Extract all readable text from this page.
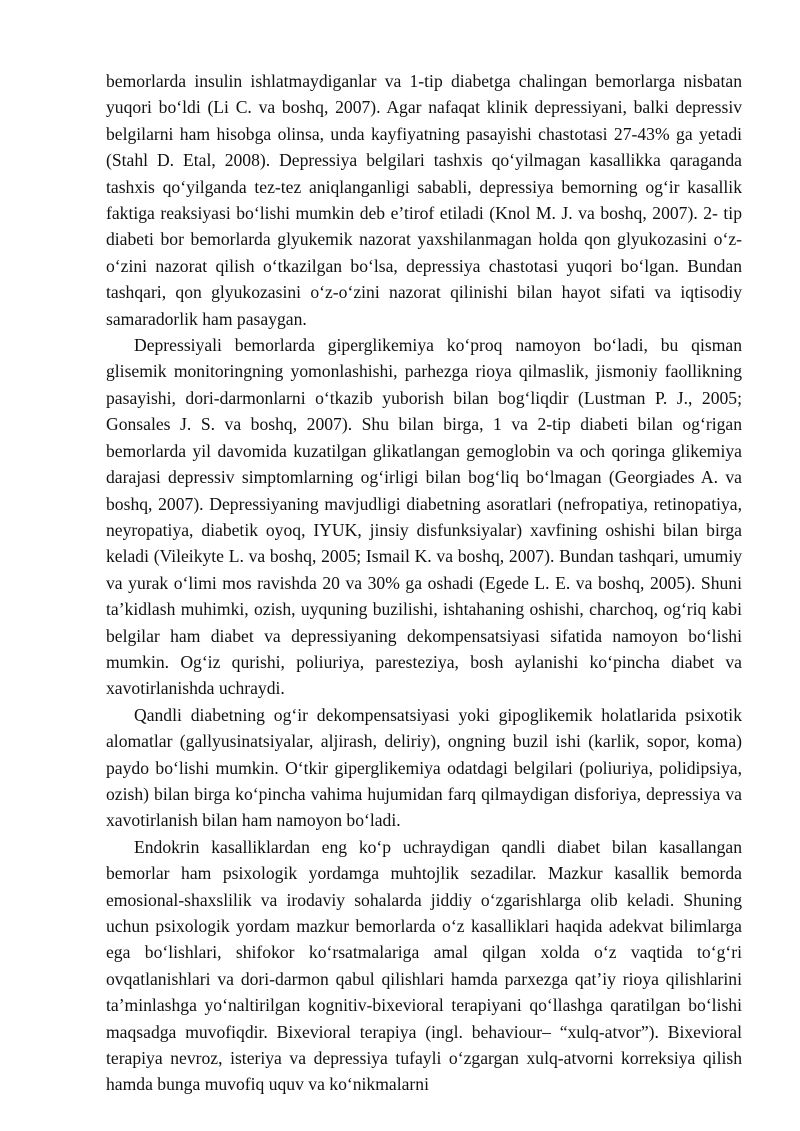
bemorlarda insulin ishlatmaydiganlar va 1-tip diabetga chalingan bemorlarga nisbatan yuqori bo‘ldi (Li C. va boshq, 2007). Agar nafaqat klinik depressiyani, balki depressiv belgilarni ham hisobga olinsa, unda kayfiyatning pasayishi chastotasi 27-43% ga yetadi (Stahl D. Etal, 2008). Depressiya belgilari tashxis qo‘yilmagan kasallikka qaraganda tashxis qo‘yilganda tez-tez aniqlanganligi sababli, depressiya bemorning og‘ir kasallik faktiga reaksiyasi bo‘lishi mumkin deb e’tirof etiladi (Knol M. J. va boshq, 2007). 2- tip diabeti bor bemorlarda glyukemik nazorat yaxshilanmagan holda qon glyukozasini o‘z-o‘zini nazorat qilish o‘tkazilgan bo‘lsa, depressiya chastotasi yuqori bo‘lgan. Bundan tashqari, qon glyukozasini o‘z-o‘zini nazorat qilinishi bilan hayot sifati va iqtisodiy samaradorlik ham pasaygan.

Depressiyali bemorlarda giperglikemiya ko‘proq namoyon bo‘ladi, bu qisman glisemik monitoringning yomonlashishi, parhezga rioya qilmaslik, jismoniy faollikning pasayishi, dori-darmonlarni o‘tkazib yuborish bilan bog‘liqdir (Lustman P. J., 2005; Gonsales J. S. va boshq, 2007). Shu bilan birga, 1 va 2-tip diabeti bilan og‘rigan bemorlarda yil davomida kuzatilgan glikatlangan gemoglobin va och qoringa glikemiya darajasi depressiv simptomlarning og‘irligi bilan bog‘liq bo‘lmagan (Georgiades A. va boshq, 2007). Depressiyaning mavjudligi diabetning asoratlari (nefropatiya, retinopatiya, neyropatiya, diabetik oyoq, IYUK, jinsiy disfunksiyalar) xavfining oshishi bilan birga keladi (Vileikyte L. va boshq, 2005; Ismail K. va boshq, 2007). Bundan tashqari, umumiy va yurak o‘limi mos ravishda 20 va 30% ga oshadi (Egede L. E. va boshq, 2005). Shuni ta’kidlash muhimki, ozish, uyquning buzilishi, ishtahaning oshishi, charchoq, og‘riq kabi belgilar ham diabet va depressiyaning dekompensatsiyasi sifatida namoyon bo‘lishi mumkin. Og‘iz qurishi, poliuriya, paresteziya, bosh aylanishi ko‘pincha diabet va xavotirlanishda uchraydi.

Qandli diabetning og‘ir dekompensatsiyasi yoki gipoglikemik holatlarida psixotik alomatlar (gallyusinatsiyalar, aljirash, deliriy), ongning buzil ishi (karlik, sopor, koma) paydo bo‘lishi mumkin. O‘tkir giperglikemiya odatdagi belgilari (poliuriya, polidipsiya, ozish) bilan birga ko‘pincha vahima hujumidan farq qilmaydigan disforiya, depressiya va xavotirlanish bilan ham namoyon bo‘ladi.

Endokrin kasalliklardan eng ko‘p uchraydigan qandli diabet bilan kasallangan bemorlar ham psixologik yordamga muhtojlik sezadilar. Mazkur kasallik bemorda emosional-shaxslilik va irodaviy sohalarda jiddiy o‘zgarishlarga olib keladi. Shuning uchun psixologik yordam mazkur bemorlarda o‘z kasalliklari haqida adekvat bilimlarga ega bo‘lishlari, shifokor ko‘rsatmalariga amal qilgan xolda o‘z vaqtida to‘g‘ri ovqatlanishlari va dori-darmon qabul qilishlari hamda parxezga qat’iy rioya qilishlarini ta’minlashga yo‘naltirilgan kognitiv-bixevioral terapiyani qo‘llashga qaratilgan bo‘lishi maqsadga muvofiqdir. Bixevioral terapiya (ingl. behaviour– “xulq-atvor”). Bixevioral terapiya nevroz, isteriya va depressiya tufayli o‘zgargan xulq-atvorni korreksiya qilish hamda bunga muvofiq uquv va ko‘nikmalarni
